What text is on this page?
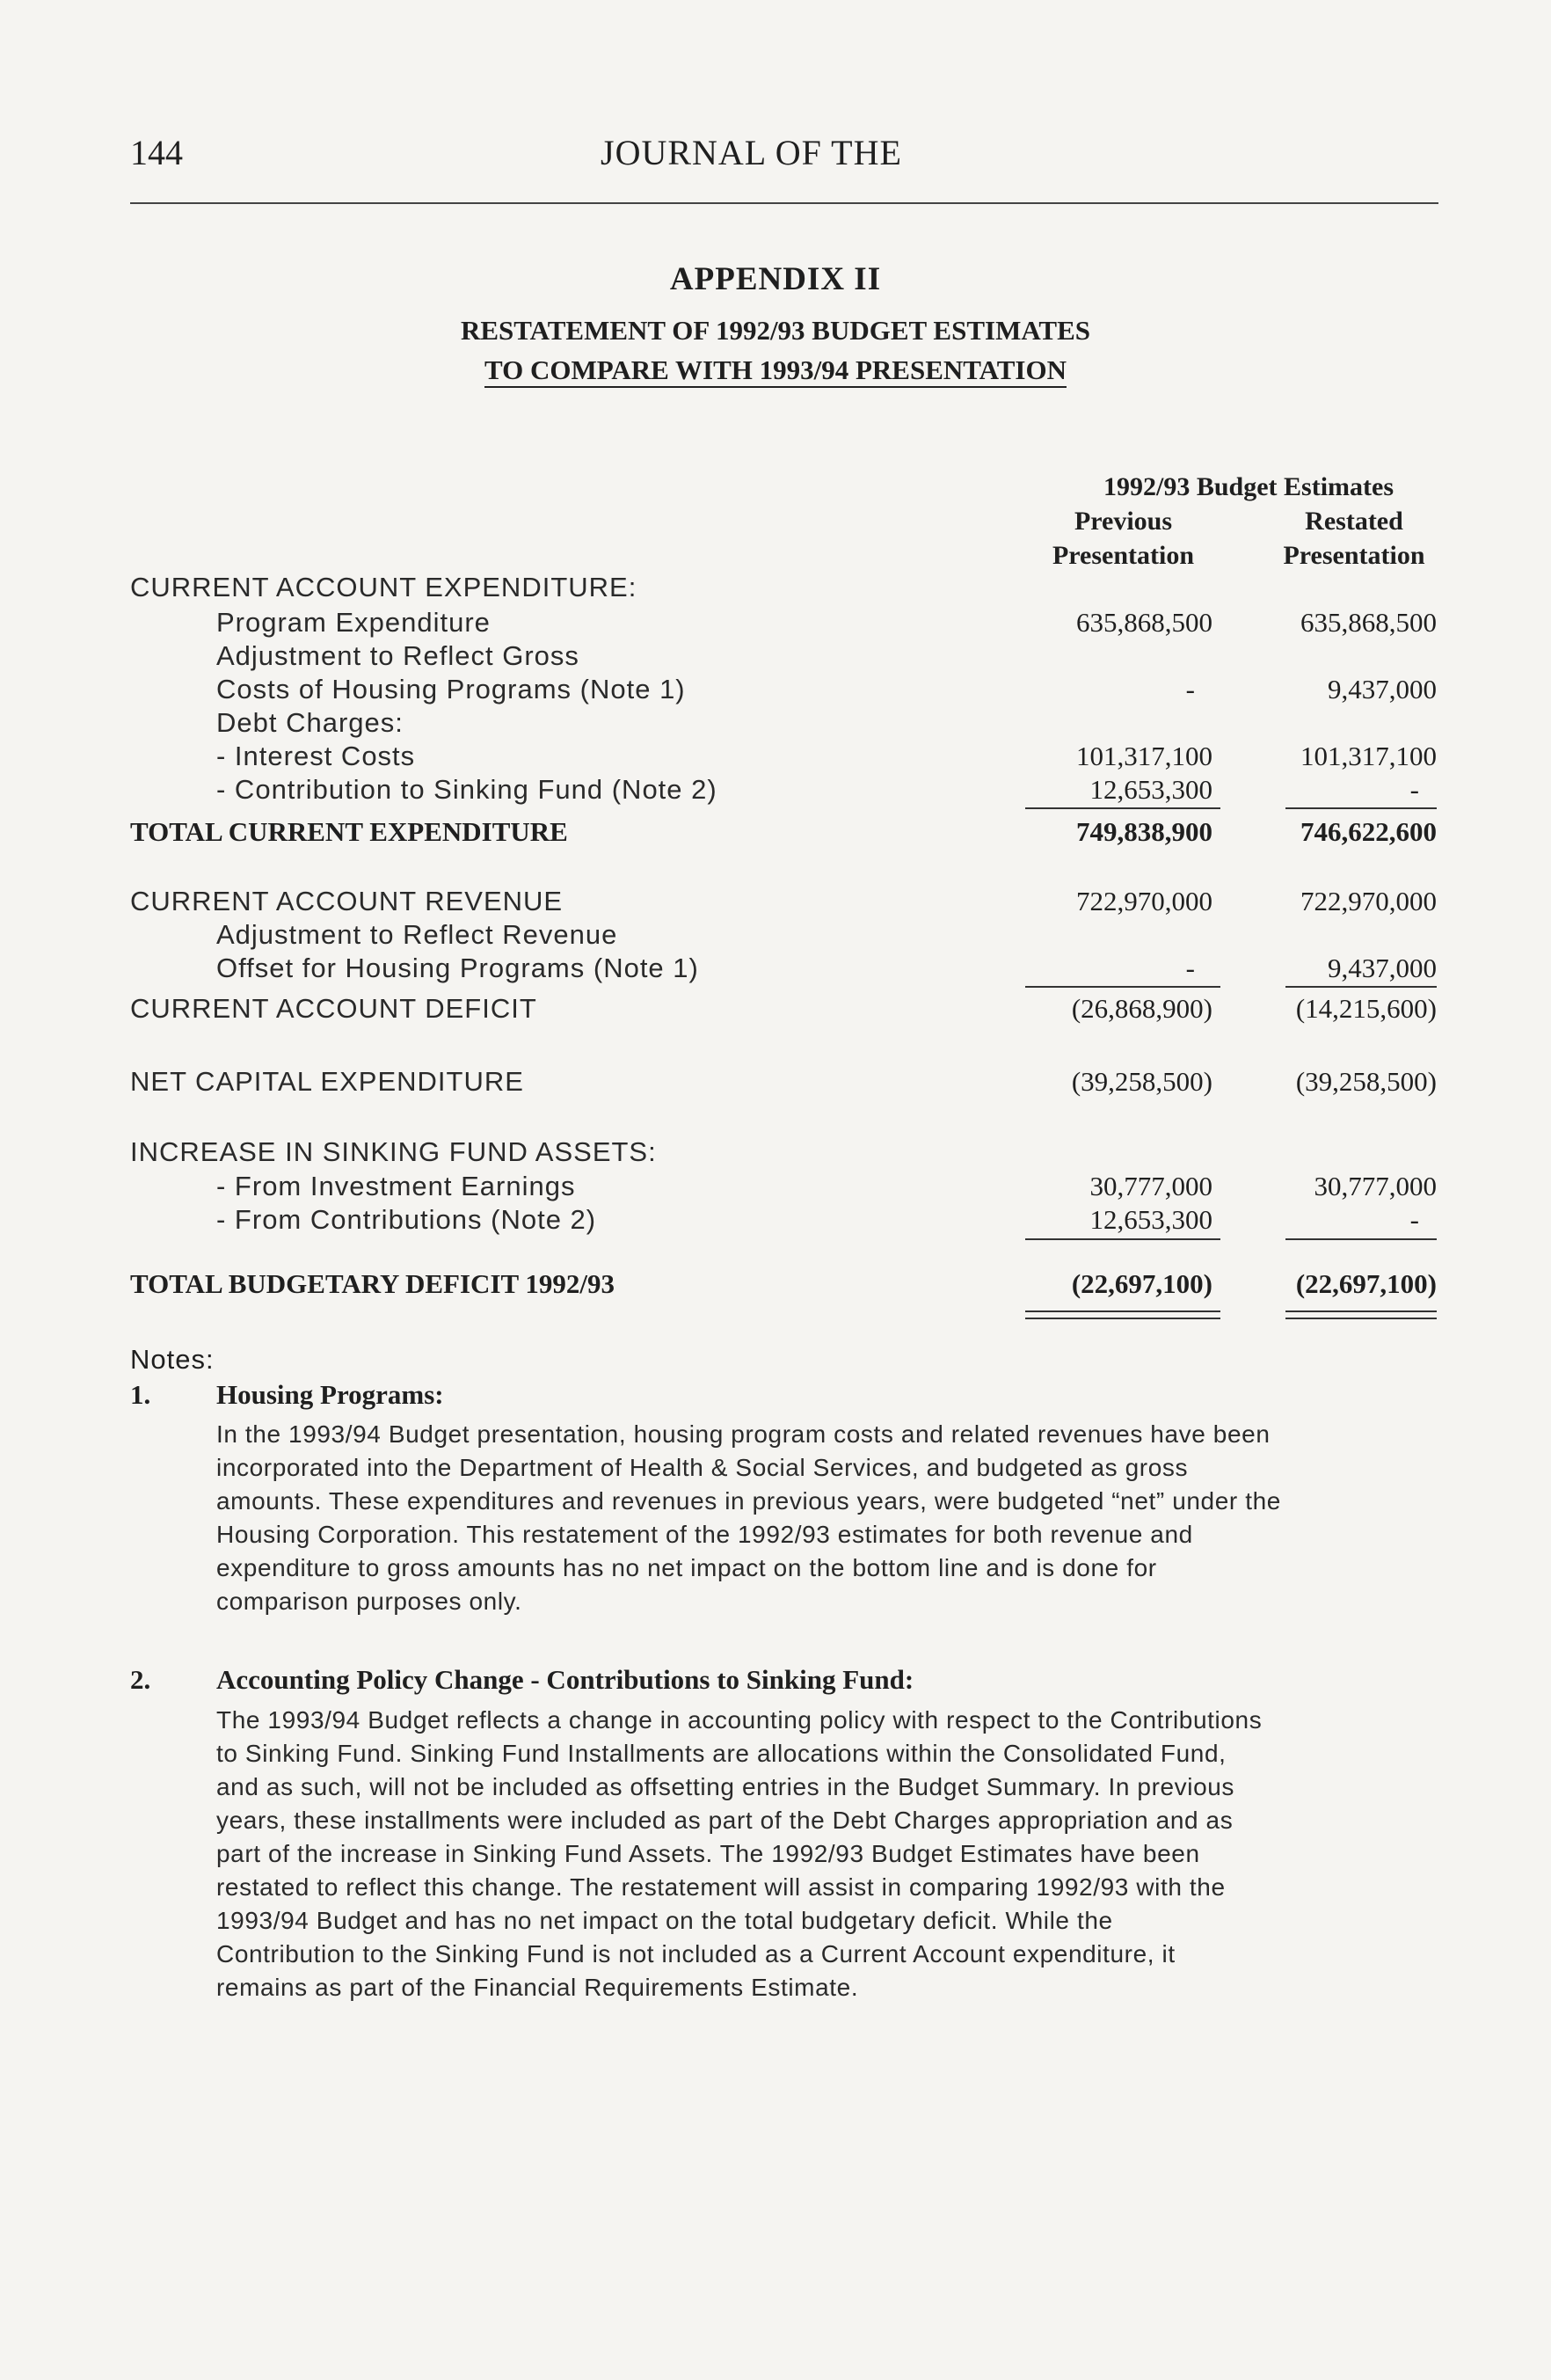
144	JOURNAL OF THE
APPENDIX II
RESTATEMENT OF 1992/93 BUDGET ESTIMATES
TO COMPARE WITH 1993/94 PRESENTATION
1992/93 Budget Estimates
Previous
Presentation
Restated
Presentation
CURRENT ACCOUNT EXPENDITURE:
Program Expenditure	635,868,500	635,868,500
Adjustment to Reflect Gross
Costs of Housing Programs (Note 1)	-	9,437,000
Debt Charges:
- Interest Costs	101,317,100	101,317,100
- Contribution to Sinking Fund (Note 2)	12,653,300	-
TOTAL CURRENT EXPENDITURE	749,838,900	746,622,600
CURRENT ACCOUNT REVENUE	722,970,000	722,970,000
Adjustment to Reflect Revenue
Offset for Housing Programs (Note 1)	-	9,437,000
CURRENT ACCOUNT DEFICIT	(26,868,900)	(14,215,600)
NET CAPITAL EXPENDITURE	(39,258,500)	(39,258,500)
INCREASE IN SINKING FUND ASSETS:
- From Investment Earnings	30,777,000	30,777,000
- From Contributions (Note 2)	12,653,300	-
TOTAL BUDGETARY DEFICIT 1992/93	(22,697,100)	(22,697,100)
Notes:
1. Housing Programs:
In the 1993/94 Budget presentation, housing program costs and related revenues have been
incorporated into the Department of Health & Social Services, and budgeted as gross
amounts. These expenditures and revenues in previous years, were budgeted “net” under the
Housing Corporation. This restatement of the 1992/93 estimates for both revenue and
expenditure to gross amounts has no net impact on the bottom line and is done for
comparison purposes only.
2. Accounting Policy Change - Contributions to Sinking Fund:
The 1993/94 Budget reflects a change in accounting policy with respect to the Contributions
to Sinking Fund. Sinking Fund Installments are allocations within the Consolidated Fund,
and as such, will not be included as offsetting entries in the Budget Summary. In previous
years, these installments were included as part of the Debt Charges appropriation and as
part of the increase in Sinking Fund Assets. The 1992/93 Budget Estimates have been
restated to reflect this change. The restatement will assist in comparing 1992/93 with the
1993/94 Budget and has no net impact on the total budgetary deficit. While the
Contribution to the Sinking Fund is not included as a Current Account expenditure, it
remains as part of the Financial Requirements Estimate.
